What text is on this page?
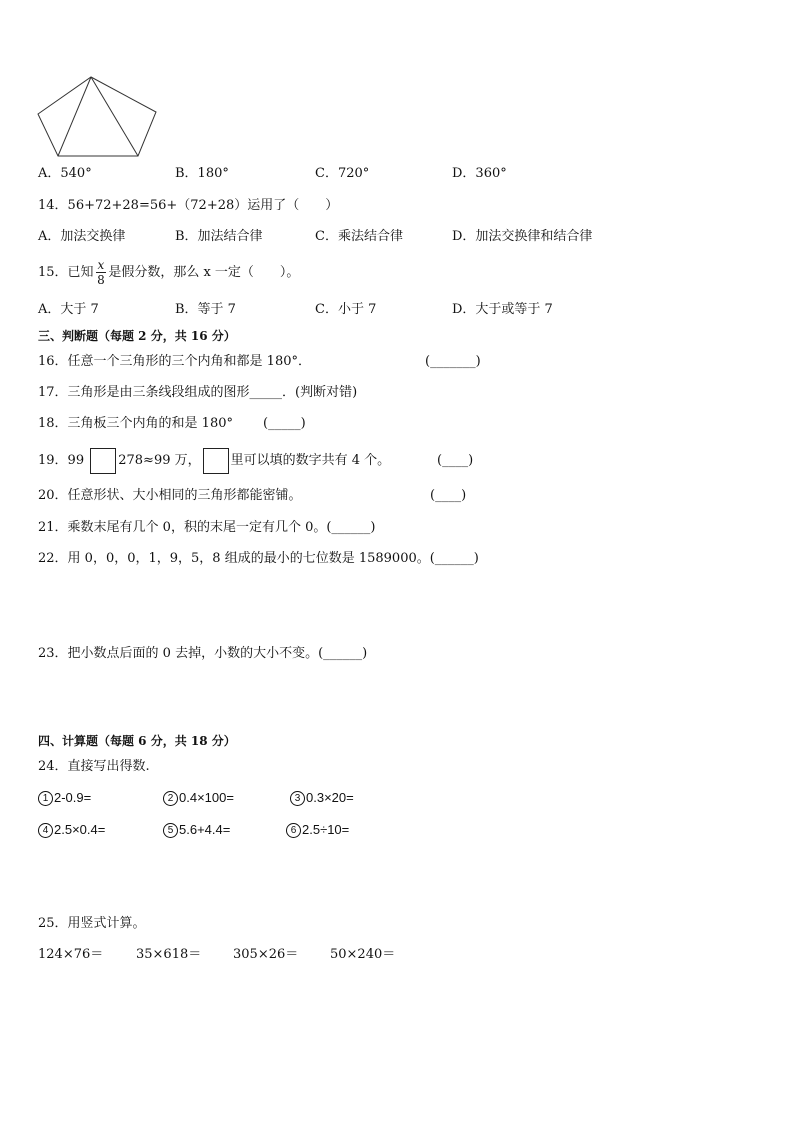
A．540°	B．180°	C．720°	D．360°
14．56+72+28=56+（72+28）运用了（　　）
A．加法交换律	B．加法结合律	C．乘法结合律	D．加法交换律和结合律
15．已知 $\frac{x}{8}$ 是假分数，那么 x 一定（　　）。
A．大于 7	B．等于 7	C．小于 7	D．大于或等于 7
三、判断题（每题 2 分，共 16 分）
16．任意一个三角形的三个内角和都是 180°．	(_______)
17．三角形是由三条线段组成的图形_____．(判断对错)
18．三角板三个内角的和是 180° (_____)
19．99	278≈99 万， 里可以填的数字共有 4 个。	(____)
20．任意形状、大小相同的三角形都能密铺。	(____)
21．乘数末尾有几个 0，积的末尾一定有几个 0。(______)
22．用 0，0，0，1，9，5，8 组成的最小的七位数是 1589000。(______)
23．把小数点后面的 0 去掉，小数的大小不变。(______)
四、计算题（每题 6 分，共 18 分）
24．直接写出得数.
1 2-0.9=	2 0.4×100=	3 0.3×20=
4 2.5×0.4=	5 5.6+4.4=	6 2.5÷10=
25．用竖式计算。
124×76＝	35×618＝ 305×26＝ 50×240＝
